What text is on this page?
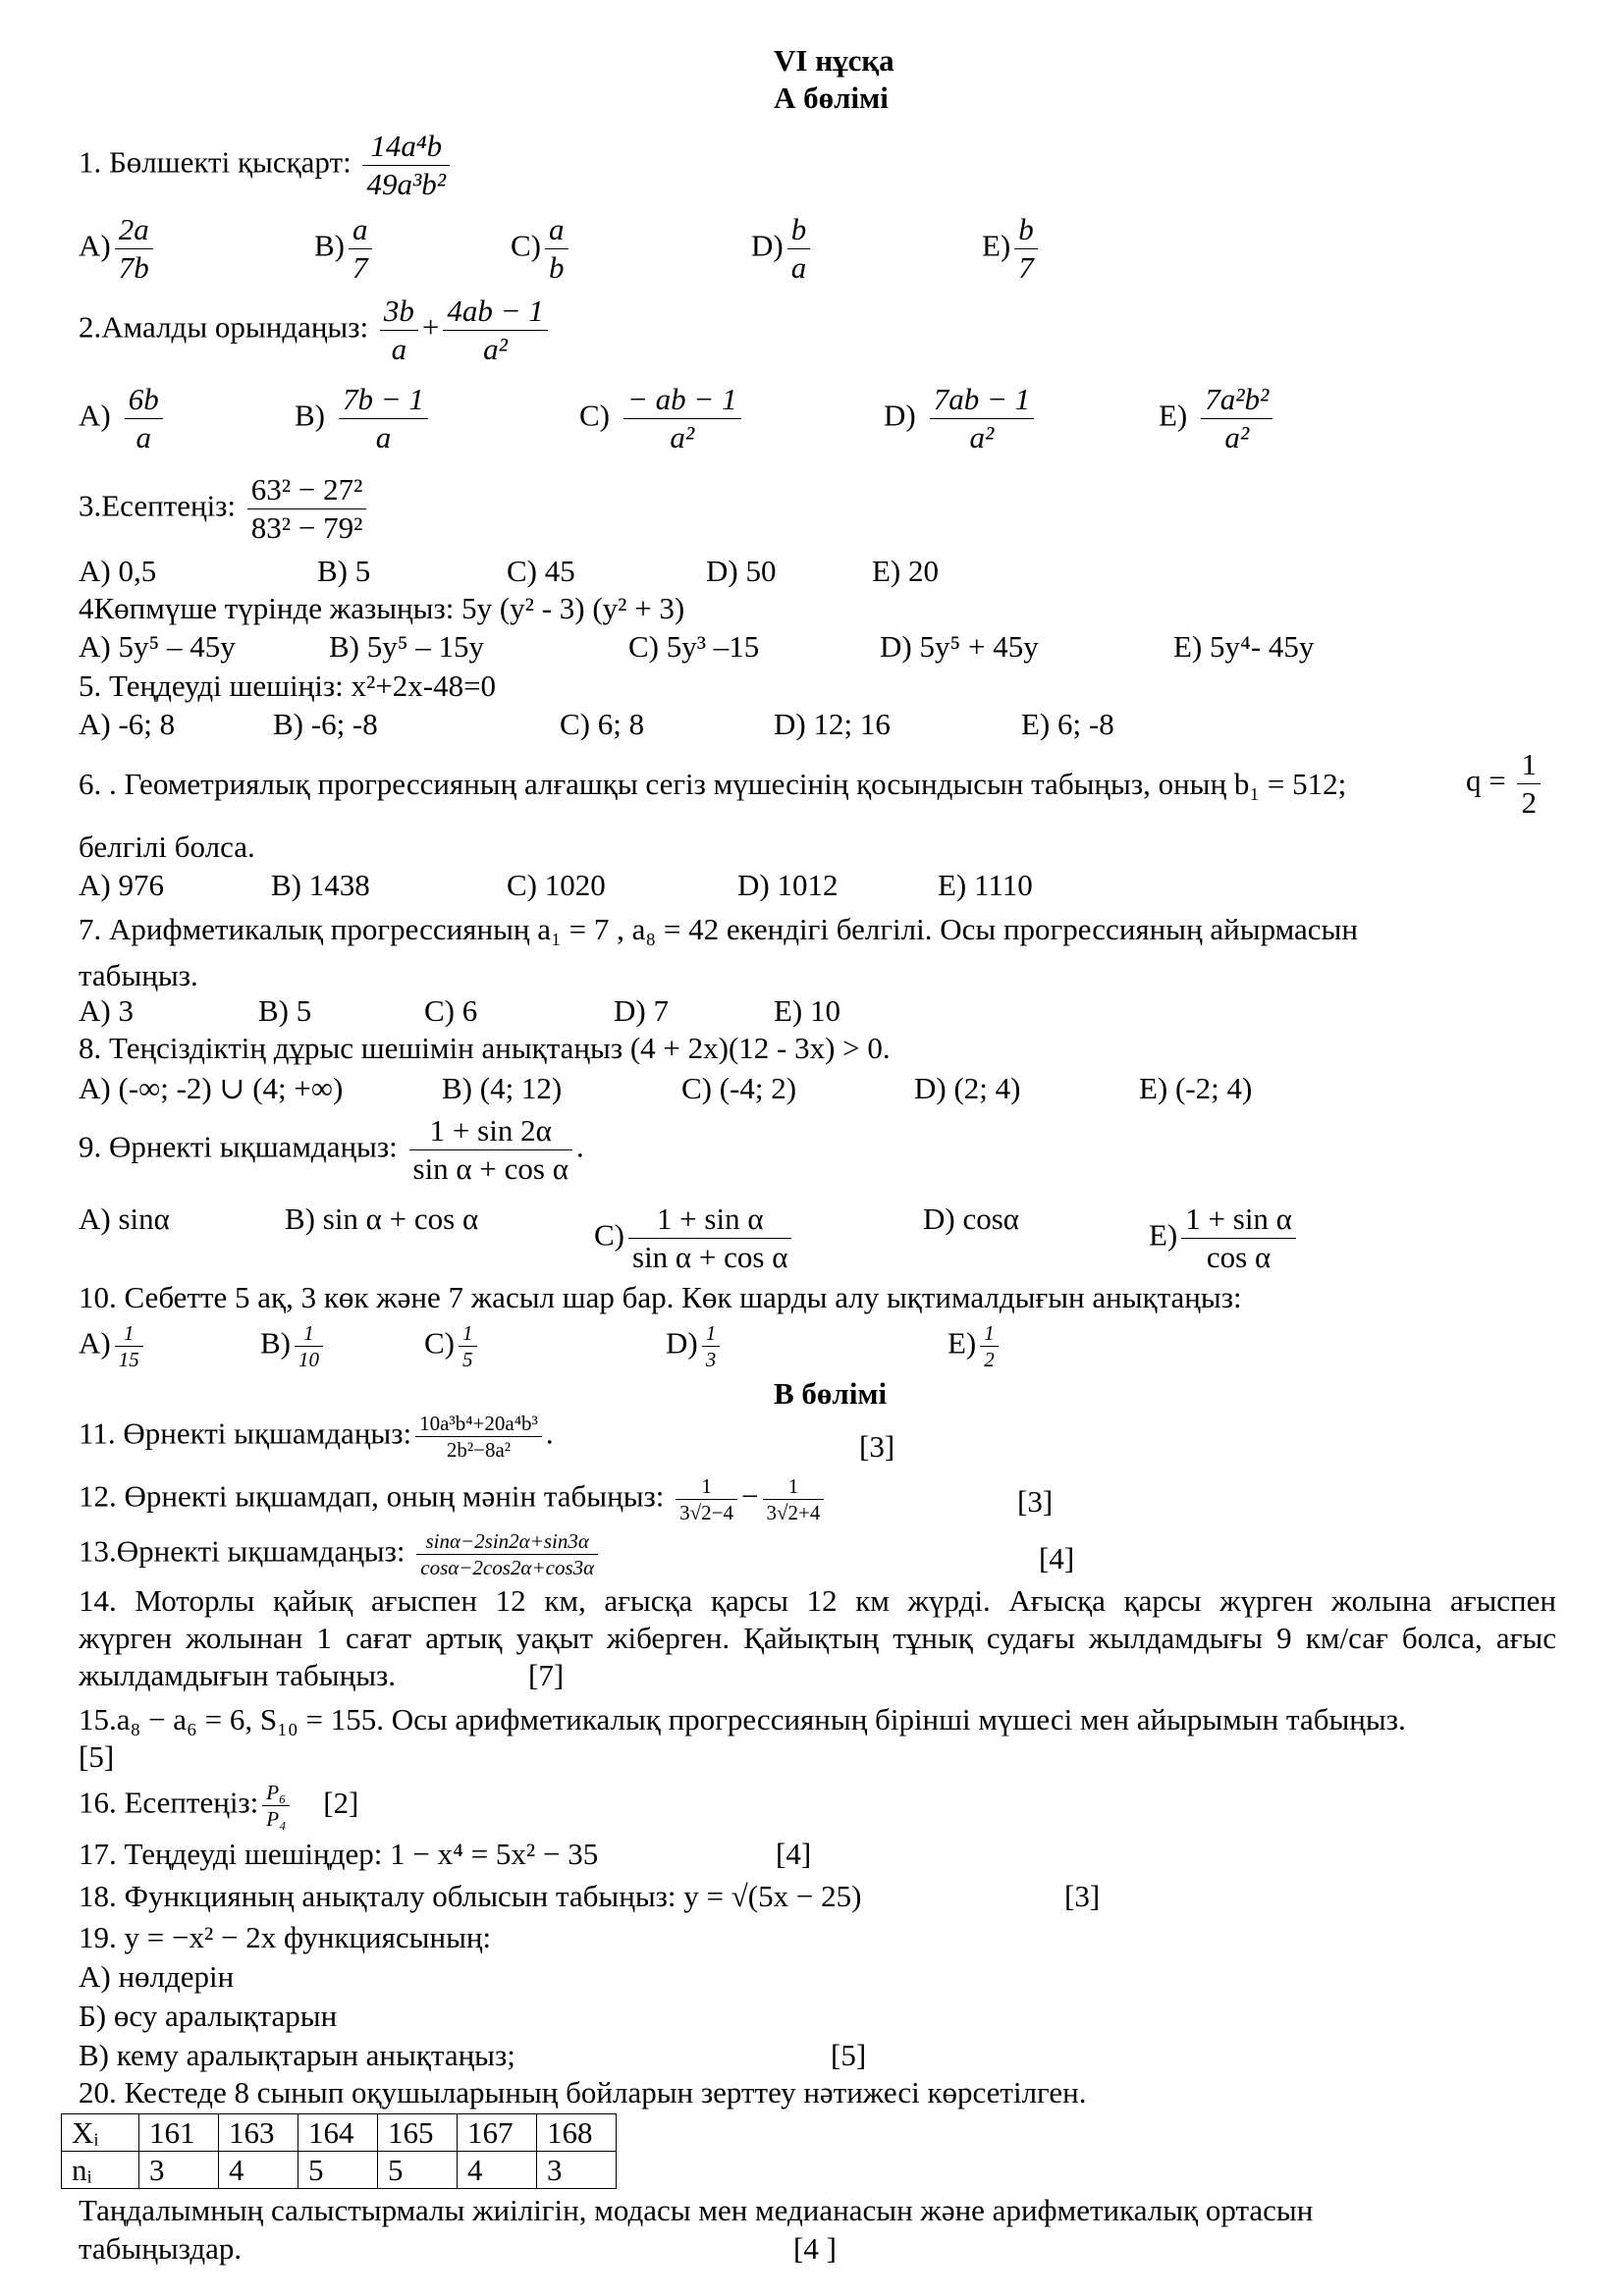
VI нұсқа
А бөлімі
1. Бөлшекті қысқарт: $\frac{\text{14a⁴b}}{\text{49a³b²}}$
$A) \frac{2a}{7b}$	$B) \frac{a}{7}$	$C) \frac{a}{b}$	$D) \frac{b}{a}$	$E) \frac{b}{7}$
2.Амалды орындаңыз: $\frac{3b}{a} + \frac{4ab - 1}{\text{a²}}$
$A) \frac{6b}{a}$	$B) \frac{7b - 1}{a}$	$C) \frac{- ab - 1}{\text{a²}}$	$D) \frac{7ab - 1}{\text{a²}}$	$E) \frac{\text{7a²b²}}{\text{a²}}$
3.Есептеңіз: $\frac{\text{63² − 27²}}{\text{83² − 79²}}$
A) 0,5	B) 5	C) 45	D) 50	E) 20
4Көпмүше түрінде жазыңыз: 5y (y² - 3) (y² + 3)
A) 5y⁵ – 45y	B) 5y⁵ – 15y	C) 5y³ –15	D) 5y⁵ + 45y	E) 5y⁴- 45y
5. Теңдеуді шешіңіз: x²+2x-48=0
A) -6; 8	B) -6; -8	C) 6; 8	D) 12; 16	E) 6; -8
6. . Геометриялық прогрессияның алғашқы сегіз мүшесінің қосындысын табыңыз, оның b₁ = 512;	$q = \frac{1}{2}$
белгілі болса.
A) 976	B) 1438	C) 1020	D) 1012	E) 1110
7. Арифметикалық прогрессияның a₁ = 7 , a₈ = 42 екендігі белгілі. Осы прогрессияның айырмасын
табыңыз.
A) 3	B) 5	C) 6	D) 7	E) 10
8. Теңсіздіктің дұрыс шешімін анықтаңыз (4 + 2x)(12 - 3x) > 0.
A) (-∞; -2) ∪ (4; +∞)	B) (4; 12)	C) (-4; 2)	D) (2; 4)	E) (-2; 4)
9. Өрнекті ықшамдаңыз: $\frac{1 + \sin 2\alpha}{\text{sin α + cos α}}$ .
A) sinα	B) sin α + cos α	$C) \frac{\text{1 + sin α}}{\text{sin α + cos α}}$	D) cosα	$E) \frac{\text{1 + sin α}}{\text{cos α}}$
10. Себетте 5 ақ, 3 көк және 7 жасыл шар бар. Көк шарды алу ықтималдығын анықтаңыз:
$A) \frac{1}{15}$	$B) \frac{1}{10}$	$C) \frac{1}{5}$	$D) \frac{1}{3}$	$E) \frac{1}{2}$
В бөлімі
11. Өрнекті ықшамдаңыз: $\frac{\text{10a³b⁴+20a⁴b³}}{\text{2b²−8a²}}$ .	[3]
12. Өрнекті ықшамдап, оның мәнін табыңыз: $\frac{1}{3√2-4} - \frac{1}{3√2+4}$	[3]
13.Өрнекті ықшамдаңыз: $\frac{\sin\alpha-2\sin 2\alpha+\sin 3\alpha}{\cos\alpha-2\cos 2\alpha+\cos 3\alpha}$	[4]
14. Моторлы қайық ағыспен 12 км, ағысқа қарсы 12 км жүрді. Ағысқа қарсы жүрген жолына ағыспен
жүрген жолынан 1 сағат артық уақыт жіберген. Қайықтың тұнық судағы жылдамдығы 9 км/сағ болса, ағыс
жылдамдығын табыңыз.	[7]
15.a₈ − a₆ = 6, S₁₀ = 155. Осы арифметикалық прогрессияның бірінші мүшесі мен айырымын табыңыз.
[5]
16. Есептеңіз: $\frac{\text{P₆}}{\text{P₄}} [2]$
17. Теңдеуді шешіңдер: 1 − x⁴ = 5x² − 35	[4]
18. Функцияның анықталу облысын табыңыз: y = √(5x − 25)	[3]
19. y = −x² − 2x функциясының:
A) нөлдерін
Б) өсу аралықтарын
В) кему аралықтарын анықтаңыз;	[5]
20. Кестеде 8 сынып оқушыларының бойларын зерттеу нәтижесі көрсетілген.
Xᵢ	161	163	164	165	167	168
nᵢ	3	4	5	5	4	3
Таңдалымның салыстырмалы жиілігін, модасы мен медианасын және арифметикалық ортасын
табыңыздар.	[4 ]
